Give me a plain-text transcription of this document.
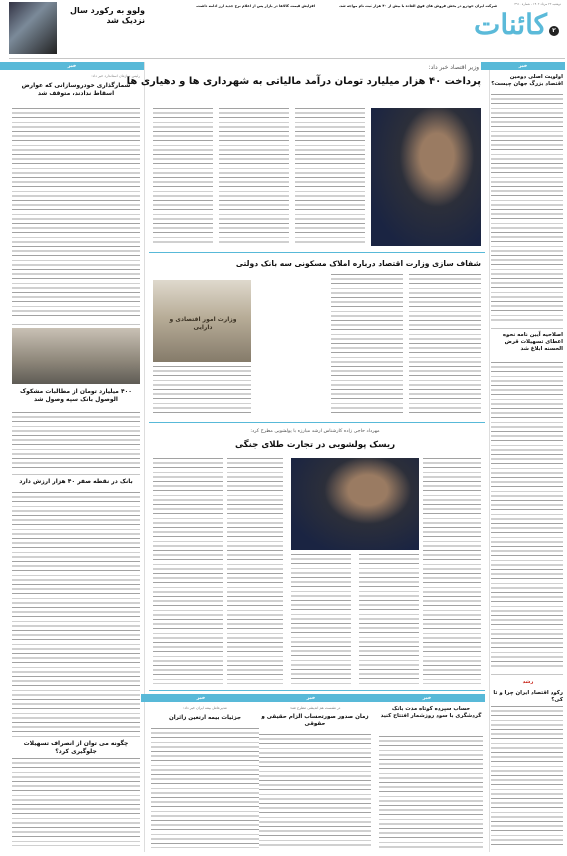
۲
کائنات
دوشنبه ۲۲ مرداد ۱۴۰۲ - شماره ۴۹۱۰
شرکت ایران خودرو در بخش فروش های فوق العاده با بیش از ۴۰ هزار ثبت نام مواجه شد.
افزایش قیمت کالاها در بازار پس از اعلام نرخ جدید ارز ادامه داشت.
ولوو به رکورد سال نزدیک شد
خبر
رئیس سازمان استاندارد خبر داد:
شمارگذاری خودروسازانی که عوارض اسقاط ندادند، متوقف شد
۴۰۰ میلیارد تومان از مطالبات مشکوک الوصول بانک سپه وصول شد
بانک در نقطه صفر ۴۰ هزار ارزش دارد
چگونه می توان از انصراف تسهیلات جلوگیری کرد؟
خبر
اولویت اصلی دومین اقتصاد بزرگ جهان چیست؟
اصلاحیه آیین نامه نحوه اعطای تسهیلات قرض الحسنه ابلاغ شد
رشد
رکود اقتصاد ایران چرا و تا کی؟
وزیر اقتصاد خبر داد:
پرداخت ۴۰ هزار میلیارد تومان درآمد مالیاتی به شهرداری ها و دهیاری ها
شفاف سازی وزارت اقتصاد درباره املاک مسکونی سه بانک دولتی
وزارت امور اقتصادی و دارایی
مهرداد حاجی زاده کارشناس ارشد مبارزه با پولشویی مطرح کرد:
ریسک پولشویی در تجارت طلای جنگی
خبر
حساب سپرده کوتاه مدت بانک گردشگری با سود روزشمار افتتاح کنید
خبر
در نشست هم اندیشی مطرح شد:
زمان صدور صورتحساب الزام حقیقی و حقوقی
خبر
مدیرعامل بیمه ایران خبر داد:
جزئیات بیمه ارتعین زائران
